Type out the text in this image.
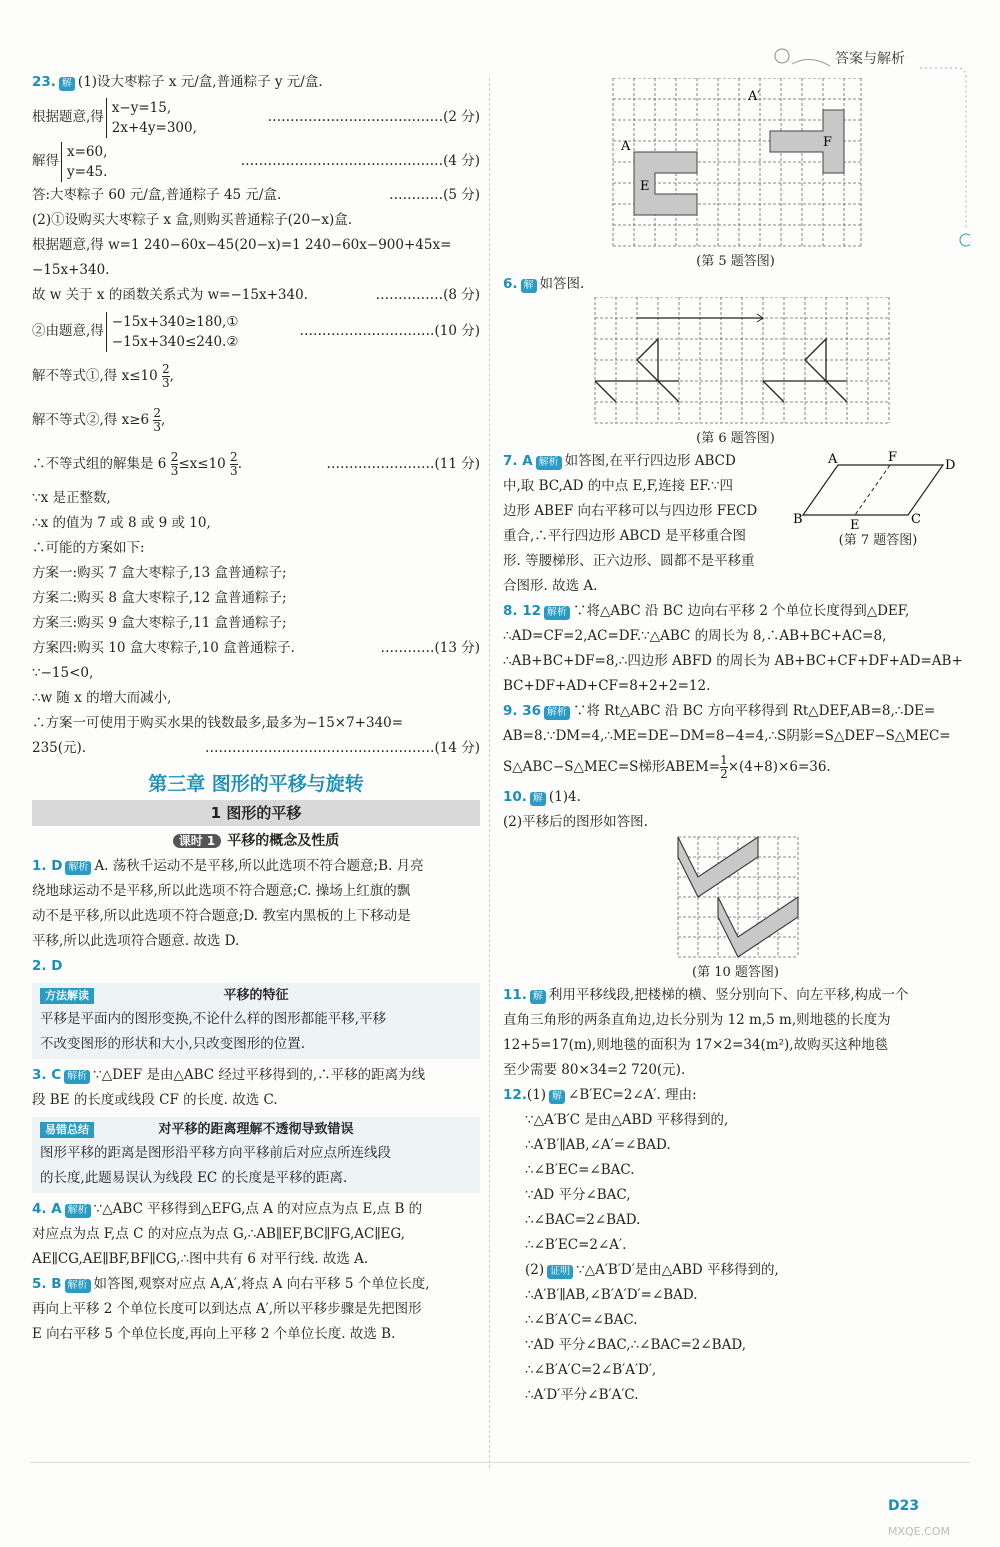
答案与解析
23. 解 (1)设大枣粽子 x 元/盒,普通粽子 y 元/盒.
根据题意,得x−y=15,
2x+4y=300,
…………………………………(2 分)
解得x=60,
y=45.
………………………………………(4 分)
答:大枣粽子 60 元/盒,普通粽子 45 元/盒.	…………(5 分)
(2)①设购买大枣粽子 x 盒,则购买普通粽子(20−x)盒.
根据题意,得 w=1 240−60x−45(20−x)=1 240−60x−900+45x=
−15x+340.
故 w 关于 x 的函数关系式为 w=−15x+340.	……………(8 分)
②由题意,得−15x+340≥180,①
−15x+340≤240.②
…………………………(10 分)
解不等式①,得 $x\le 10 \frac{2}{3}$ ,
解不等式②,得 $x\ge 6 \frac{2}{3}$ ,
∴不等式组的解集是 $6 \frac{2}{3} \le x\le 10 \frac{2}{3}$ .	……………………(11 分)
∵x 是正整数,
∴x 的值为 7 或 8 或 9 或 10,
∴可能的方案如下:
方案一:购买 7 盒大枣粽子,13 盒普通粽子;
方案二:购买 8 盒大枣粽子,12 盒普通粽子;
方案三:购买 9 盒大枣粽子,11 盒普通粽子;
方案四:购买 10 盒大枣粽子,10 盒普通粽子.	…………(13 分)
∵−15<0,
∴w 随 x 的增大而减小,
∴方案一可使用于购买水果的钱数最多,最多为−15×7+340=
235(元).	……………………………………………(14 分)
第三章 图形的平移与旋转
1 图形的平移
课时 1 平移的概念及性质
1. D 解析 A. 荡秋千运动不是平移,所以此选项不符合题意;B. 月亮
绕地球运动不是平移,所以此选项不符合题意;C. 操场上红旗的飘
动不是平移,所以此选项不符合题意;D. 教室内黑板的上下移动是
平移,所以此选项符合题意. 故选 D.
2. D
方法解读	平移的特征
平移是平面内的图形变换,不论什么样的图形都能平移,平移
不改变图形的形状和大小,只改变图形的位置.
3. C 解析 ∵△DEF 是由△ABC 经过平移得到的,∴平移的距离为线
段 BE 的长度或线段 CF 的长度. 故选 C.
易错总结	对平移的距离理解不透彻导致错误
图形平移的距离是图形沿平移方向平移前后对应点所连线段
的长度,此题易误认为线段 EC 的长度是平移的距离.
4. A 解析 ∵△ABC 平移得到△EFG,点 A 的对应点为点 E,点 B 的
对应点为点 F,点 C 的对应点为点 G,∴AB∥EF,BC∥FG,AC∥EG,
AE∥CG,AE∥BF,BF∥CG,∴图中共有 6 对平行线. 故选 A.
5. B 解析 如答图,观察对应点 A,A′,将点 A 向右平移 5 个单位长度,
再向上平移 2 个单位长度可以到达点 A′,所以平移步骤是先把图形
E 向右平移 5 个单位长度,再向上平移 2 个单位长度. 故选 B.
A
A′
E
F
(第 5 题答图)
6. 解 如答图.
(第 6 题答图)
7. A 解析 如答图,在平行四边形 ABCD
中,取 BC,AD 的中点 E,F,连接 EF.∵四
边形 ABEF 向右平移可以与四边形 FECD
重合,∴平行四边形 ABCD 是平移重合图
形. 等腰梯形、正六边形、圆都不是平移重
合图形. 故选 A.
A	F
D
B	E	C
(第 7 题答图)
8. 12 解析 ∵将△ABC 沿 BC 边向右平移 2 个单位长度得到△DEF,
∴AD=CF=2,AC=DF.∵△ABC 的周长为 8,∴AB+BC+AC=8,
∴AB+BC+DF=8,∴四边形 ABFD 的周长为 AB+BC+CF+DF+AD=AB+
BC+DF+AD+CF=8+2+2=12.
9. 36 解析 ∵将 Rt△ABC 沿 BC 方向平移得到 Rt△DEF,AB=8,∴DE=
AB=8.∵DM=4,∴ME=DE−DM=8−4=4,∴S阴影=S△DEF−S△MEC=
S△ABC−S△MEC=S梯形ABEM= $\frac{1}{2} \times(4+8)\times 6=36$.
10. 解 (1)4.
(2)平移后的图形如答图.
(第 10 题答图)
11. 解 利用平移线段,把楼梯的横、竖分别向下、向左平移,构成一个
直角三角形的两条直角边,边长分别为 12 m,5 m,则地毯的长度为
12+5=17(m),则地毯的面积为 17×2=34(m²),故购买这种地毯
至少需要 80×34=2 720(元).
12.(1) 解 ∠B′EC=2∠A′. 理由:
∵△A′B′C 是由△ABD 平移得到的,
∴A′B′∥AB,∠A′=∠BAD.
∴∠B′EC=∠BAC.
∵AD 平分∠BAC,
∴∠BAC=2∠BAD.
∴∠B′EC=2∠A′.
(2) 证明 ∵△A′B′D′是由△ABD 平移得到的,
∴A′B′∥AB,∠B′A′D′=∠BAD.
∴∠B′A′C=∠BAC.
∵AD 平分∠BAC,∴∠BAC=2∠BAD,
∴∠B′A′C=2∠B′A′D′,
∴A′D′平分∠B′A′C.
D23
MXQE.COM
